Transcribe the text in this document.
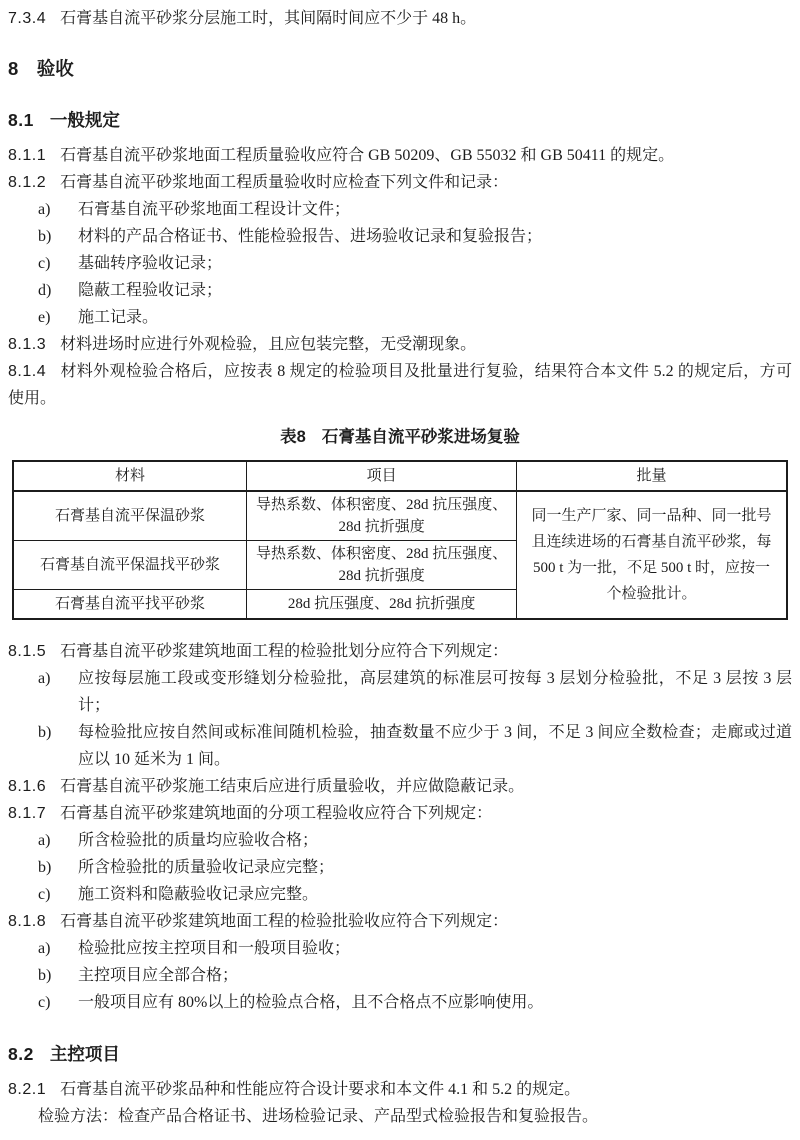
7.3.4 石膏基自流平砂浆分层施工时，其间隔时间应不少于 48 h。

8 验收
8.1 一般规定

8.1.1 石膏基自流平砂浆地面工程质量验收应符合 GB 50209、GB 55032 和 GB 50411 的规定。

8.1.2 石膏基自流平砂浆地面工程质量验收时应检查下列文件和记录：

a) 石膏基自流平砂浆地面工程设计文件；
b) 材料的产品合格证书、性能检验报告、进场验收记录和复验报告；
c) 基础转序验收记录；
d) 隐蔽工程验收记录；
e) 施工记录。

8.1.3 材料进场时应进行外观检验，且应包装完整，无受潮现象。

8.1.4 材料外观检验合格后，应按表 8 规定的检验项目及批量进行复验，结果符合本文件 5.2 的规定后，方可使用。

表8 石膏基自流平砂浆进场复验
材料	项目	批量
石膏基自流平保温砂浆	导热系数、体积密度、28d 抗压强度、28d 抗折强度	同一生产厂家、同一品种、同一批号且连续进场的石膏基自流平砂浆，每 500 t 为一批，不足 500 t 时，应按一个检验批计。
石膏基自流平保温找平砂浆	导热系数、体积密度、28d 抗压强度、28d 抗折强度	
石膏基自流平找平砂浆	28d 抗压强度、28d 抗折强度	

8.1.5 石膏基自流平砂浆建筑地面工程的检验批划分应符合下列规定：

a) 应按每层施工段或变形缝划分检验批，高层建筑的标准层可按每 3 层划分检验批，不足 3 层按 3 层计；
b) 每检验批应按自然间或标准间随机检验，抽查数量不应少于 3 间，不足 3 间应全数检查；走廊或过道应以 10 延米为 1 间。

8.1.6 石膏基自流平砂浆施工结束后应进行质量验收，并应做隐蔽记录。

8.1.7 石膏基自流平砂浆建筑地面的分项工程验收应符合下列规定：

a) 所含检验批的质量均应验收合格；
b) 所含检验批的质量验收记录应完整；
c) 施工资料和隐蔽验收记录应完整。

8.1.8 石膏基自流平砂浆建筑地面工程的检验批验收应符合下列规定：

a) 检验批应按主控项目和一般项目验收；
b) 主控项目应全部合格；
c) 一般项目应有 80%以上的检验点合格，且不合格点不应影响使用。
8.2 主控项目

8.2.1 石膏基自流平砂浆品种和性能应符合设计要求和本文件 4.1 和 5.2 的规定。

检验方法：检查产品合格证书、进场检验记录、产品型式检验报告和复验报告。
